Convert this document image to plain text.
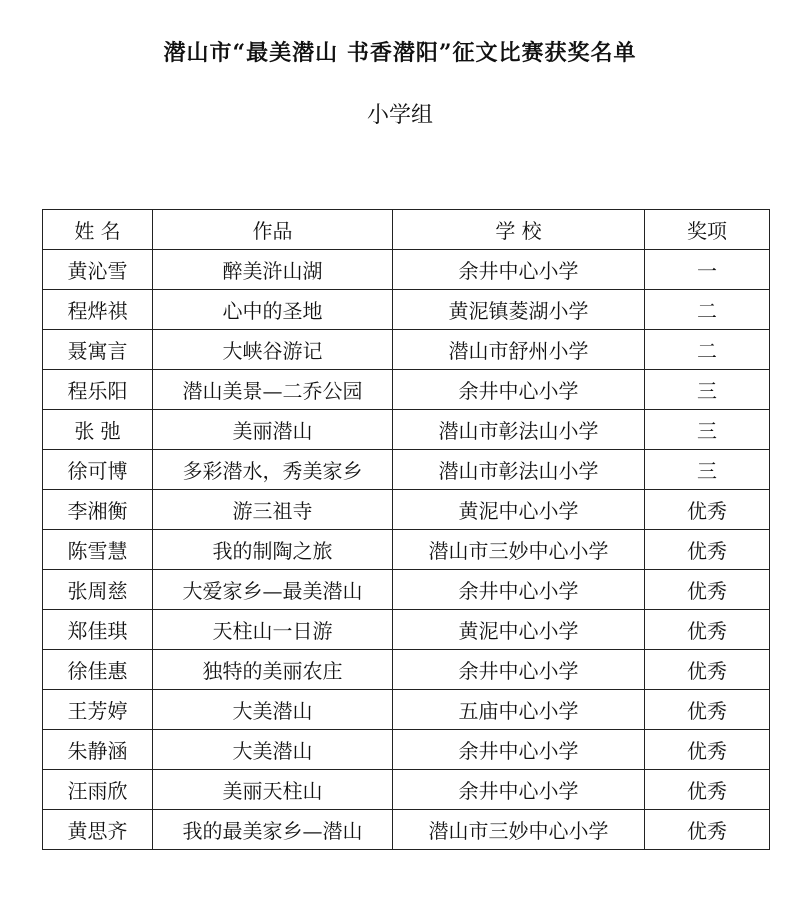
潜山市“最美潜山 书香潜阳”征文比赛获奖名单
小学组
姓 名	作品	学 校	奖项
黄沁雪	醉美浒山湖	余井中心小学	一
程烨祺	心中的圣地	黄泥镇菱湖小学	二
聂寓言	大峡谷游记	潜山市舒州小学	二
程乐阳	潜山美景—二乔公园	余井中心小学	三
张 弛	美丽潜山	潜山市彰法山小学	三
徐可博	多彩潜水，秀美家乡	潜山市彰法山小学	三
李湘衡	游三祖寺	黄泥中心小学	优秀
陈雪慧	我的制陶之旅	潜山市三妙中心小学	优秀
张周慈	大爱家乡—最美潜山	余井中心小学	优秀
郑佳琪	天柱山一日游	黄泥中心小学	优秀
徐佳惠	独特的美丽农庄	余井中心小学	优秀
王芳婷	大美潜山	五庙中心小学	优秀
朱静涵	大美潜山	余井中心小学	优秀
汪雨欣	美丽天柱山	余井中心小学	优秀
黄思齐	我的最美家乡—潜山	潜山市三妙中心小学	优秀
